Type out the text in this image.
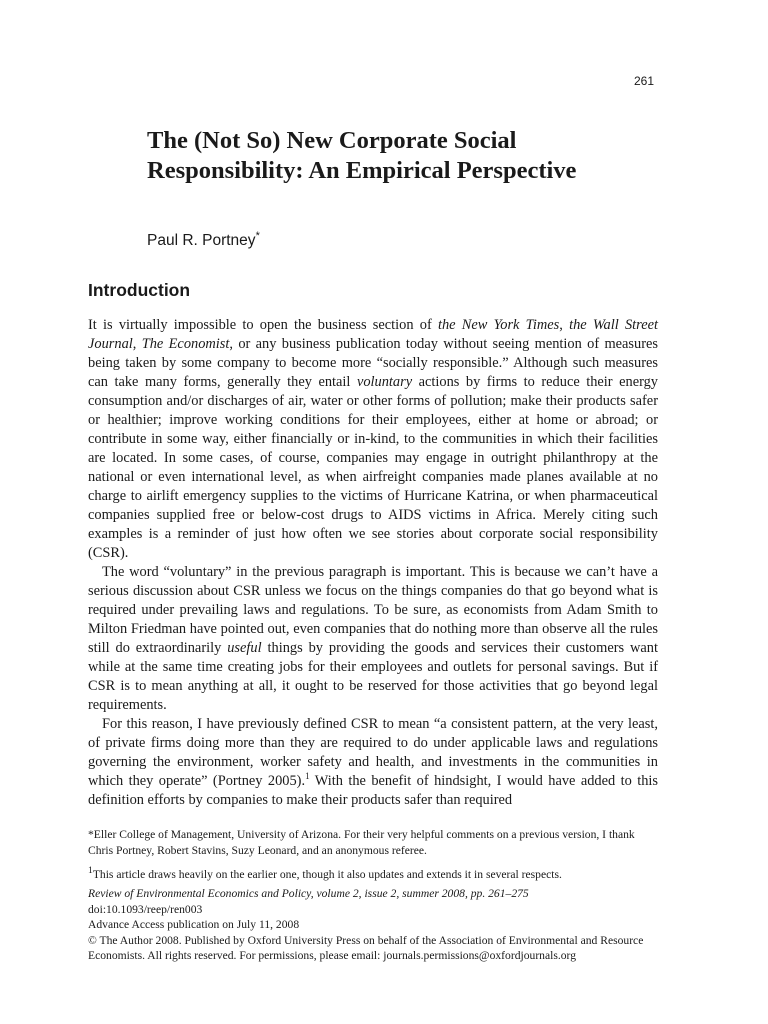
261
The (Not So) New Corporate Social Responsibility: An Empirical Perspective
Paul R. Portney*
Introduction

It is virtually impossible to open the business section of the New York Times, the Wall Street Journal, The Economist, or any business publication today without seeing mention of measures being taken by some company to become more “socially responsible.” Although such measures can take many forms, generally they entail voluntary actions by firms to reduce their energy consumption and/or discharges of air, water or other forms of pollution; make their products safer or healthier; improve working conditions for their employees, either at home or abroad; or contribute in some way, either financially or in-kind, to the communities in which their facilities are located. In some cases, of course, companies may engage in outright philanthropy at the national or even international level, as when airfreight companies made planes available at no charge to airlift emergency supplies to the victims of Hurricane Katrina, or when pharmaceutical companies supplied free or below-cost drugs to AIDS victims in Africa. Merely citing such examples is a reminder of just how often we see stories about corporate social responsibility (CSR).

The word “voluntary” in the previous paragraph is important. This is because we can’t have a serious discussion about CSR unless we focus on the things companies do that go beyond what is required under prevailing laws and regulations. To be sure, as economists from Adam Smith to Milton Friedman have pointed out, even companies that do nothing more than observe all the rules still do extraordinarily useful things by providing the goods and services their customers want while at the same time creating jobs for their employees and outlets for personal savings. But if CSR is to mean anything at all, it ought to be reserved for those activities that go beyond legal requirements.

For this reason, I have previously defined CSR to mean “a consistent pattern, at the very least, of private firms doing more than they are required to do under applicable laws and regulations governing the environment, worker safety and health, and investments in the communities in which they operate” (Portney 2005).$^1$ With the benefit of hindsight, I would have added to this definition efforts by companies to make their products safer than required

*Eller College of Management, University of Arizona. For their very helpful comments on a previous version, I thank Chris Portney, Robert Stavins, Suzy Leonard, and an anonymous referee.

$^1$This article draws heavily on the earlier one, though it also updates and extends it in several respects.

Review of Environmental Economics and Policy, volume 2, issue 2, summer 2008, pp. 261–275

doi:10.1093/reep/ren003

Advance Access publication on July 11, 2008

© The Author 2008. Published by Oxford University Press on behalf of the Association of Environmental and Resource Economists. All rights reserved. For permissions, please email: journals.permissions@oxfordjournals.org
